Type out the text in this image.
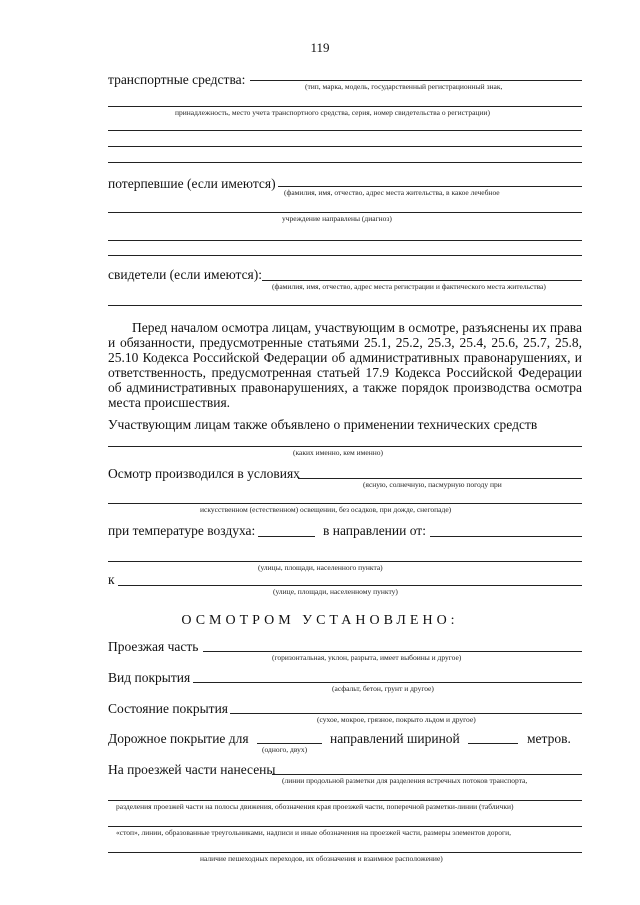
119
транспортные средства:	(тип, марка, модель, государственный регистрационный знак,
принадлежность, место учета транспортного средства, серия, номер свидетельства о регистрации)
потерпевшие (если имеются)
(фамилия, имя, отчество, адрес места жительства, в какое лечебное
учреждение направлены (диагноз)
свидетели (если имеются):
(фамилия, имя, отчество, адрес места регистрации и фактического места жительства)
Перед началом осмотра лицам, участвующим в осмотре, разъяснены их права и обязанности, предусмотренные статьями 25.1, 25.2, 25.3, 25.4, 25.6, 25.7, 25.8, 25.10 Кодекса Российской Федерации об административных правонарушениях, и ответственность, предусмотренная статьей 17.9 Кодекса Российской Федерации об административных правонарушениях, а также порядок производства осмотра места происшествия.
Участвующим лицам также объявлено о применении технических средств
(каких именно, кем именно)
Осмотр производился в условиях
(ясную, солнечную, пасмурную погоду при
искусственном (естественном) освещении, без осадков, при дожде, снегопаде)
при температуре воздуха:	в направлении от:
(улицы, площади, населенного пункта)
к
(улице, площади, населенному пункту)
ОСМОТРОМ УСТАНОВЛЕНО:
Проезжая часть
(горизонтальная, уклон, разрыта, имеет выбоины и другое)
Вид покрытия
(асфальт, бетон, грунт и другое)
Состояние покрытия
(сухое, мокрое, грязное, покрыто льдом и другое)
Дорожное покрытие для
(одного, двух)
направлений шириной	метров.
На проезжей части нанесены
(линии продольной разметки для разделения встречных потоков транспорта,
разделения проезжей части на полосы движения, обозначения края проезжей части, поперечной разметки-линии (таблички)
«стоп», линии, образованные треугольниками, надписи и иные обозначения на проезжей части, размеры элементов дороги,
наличие пешеходных переходов, их обозначения и взаимное расположение)
